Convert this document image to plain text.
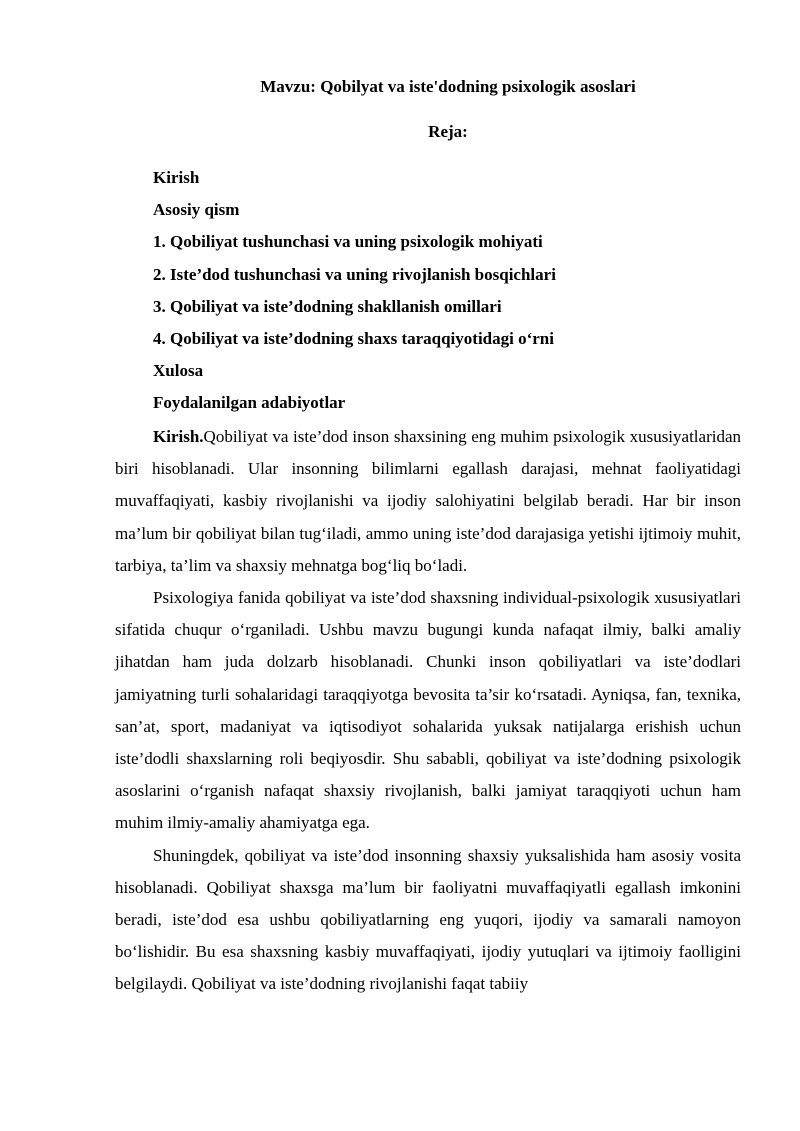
Mavzu: Qobilyat va iste'dodning psixologik asoslari
Reja:
Kirish
Asosiy qism
1. Qobiliyat tushunchasi va uning psixologik mohiyati
2. Iste’dod tushunchasi va uning rivojlanish bosqichlari
3. Qobiliyat va iste’dodning shakllanish omillari
4. Qobiliyat va iste’dodning shaxs taraqqiyotidagi o‘rni
Xulosa
Foydalanilgan adabiyotlar

Kirish.Qobiliyat va iste’dod inson shaxsining eng muhim psixologik xususiyatlaridan biri hisoblanadi. Ular insonning bilimlarni egallash darajasi, mehnat faoliyatidagi muvaffaqiyati, kasbiy rivojlanishi va ijodiy salohiyatini belgilab beradi. Har bir inson ma’lum bir qobiliyat bilan tug‘iladi, ammo uning iste’dod darajasiga yetishi ijtimoiy muhit, tarbiya, ta’lim va shaxsiy mehnatga bog‘liq bo‘ladi.

Psixologiya fanida qobiliyat va iste’dod shaxsning individual-psixologik xususiyatlari sifatida chuqur o‘rganiladi. Ushbu mavzu bugungi kunda nafaqat ilmiy, balki amaliy jihatdan ham juda dolzarb hisoblanadi. Chunki inson qobiliyatlari va iste’dodlari jamiyatning turli sohalaridagi taraqqiyotga bevosita ta’sir ko‘rsatadi. Ayniqsa, fan, texnika, san’at, sport, madaniyat va iqtisodiyot sohalarida yuksak natijalarga erishish uchun iste’dodli shaxslarning roli beqiyosdir. Shu sababli, qobiliyat va iste’dodning psixologik asoslarini o‘rganish nafaqat shaxsiy rivojlanish, balki jamiyat taraqqiyoti uchun ham muhim ilmiy-amaliy ahamiyatga ega.

Shuningdek, qobiliyat va iste’dod insonning shaxsiy yuksalishida ham asosiy vosita hisoblanadi. Qobiliyat shaxsga ma’lum bir faoliyatni muvaffaqiyatli egallash imkonini beradi, iste’dod esa ushbu qobiliyatlarning eng yuqori, ijodiy va samarali namoyon bo‘lishidir. Bu esa shaxsning kasbiy muvaffaqiyati, ijodiy yutuqlari va ijtimoiy faolligini belgilaydi. Qobiliyat va iste’dodning rivojlanishi faqat tabiiy
